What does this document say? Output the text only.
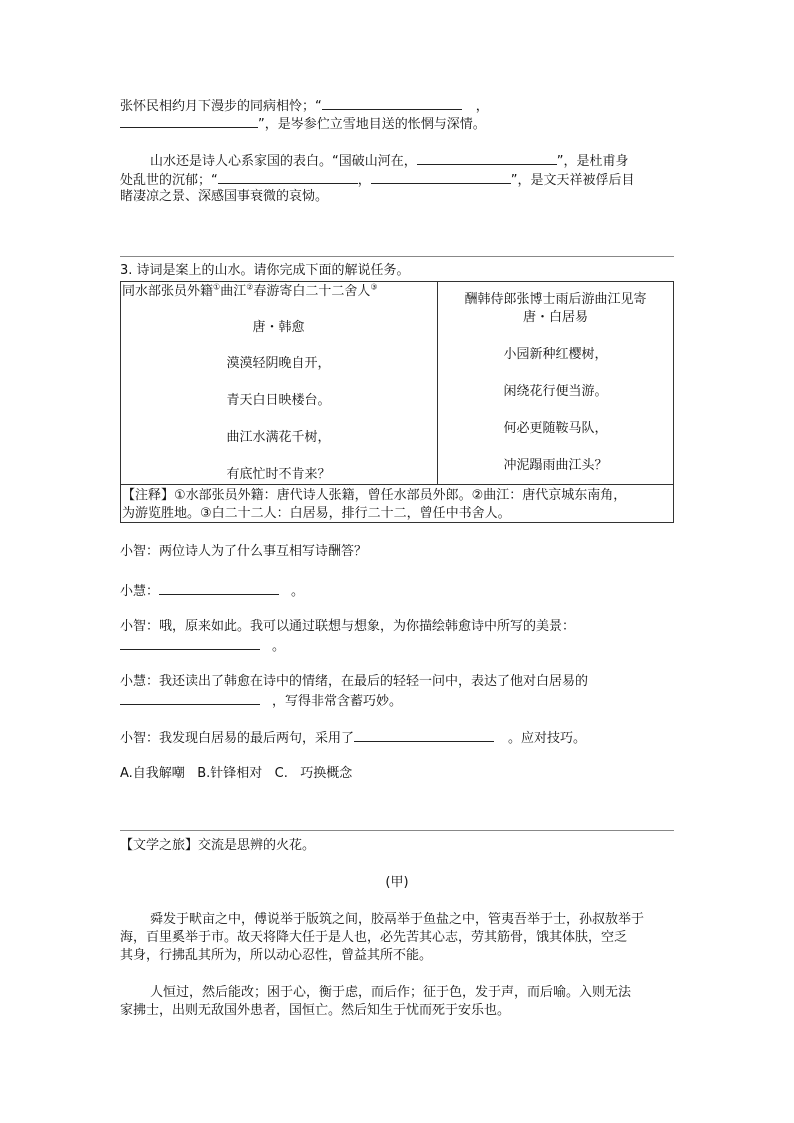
张怀民相约月下漫步的同病相怜；“	，
”，是岑参伫立雪地目送的怅惘与深情。
山水还是诗人心系家国的表白。“国破山河在，	”，是杜甫身
处乱世的沉郁；“	，	”，是文天祥被俘后目
睹凄凉之景、深感国事衰微的哀恸。
3. 诗词是案上的山水。请你完成下面的解说任务。
同水部张员外籍①曲江②春游寄白二十二舍人③
唐・韩愈
漠漠轻阴晚自开，
青天白日映楼台。
曲江水满花千树，
有底忙时不肯来？
酬韩侍郎张博士雨后游曲江见寄
唐・白居易
小园新种红樱树，
闲绕花行便当游。
何必更随鞍马队，
冲泥蹋雨曲江头？
【注释】①水部张员外籍：唐代诗人张籍，曾任水部员外郎。②曲江：唐代京城东南角，
为游览胜地。③白二十二人：白居易，排行二十二，曾任中书舍人。
小智：两位诗人为了什么事互相写诗酬答？
小慧：	。
小智：哦，原来如此。我可以通过联想与想象，为你描绘韩愈诗中所写的美景：
。
小慧：我还读出了韩愈在诗中的情绪，在最后的轻轻一问中，表达了他对白居易的
，写得非常含蓄巧妙。
小智：我发现白居易的最后两句，采用了	。应对技巧。
A.自我解嘲   B.针锋相对   C.   巧换概念
【文学之旅】交流是思辨的火花。
(甲)
舜发于畎亩之中，傅说举于版筑之间，胶鬲举于鱼盐之中，管夷吾举于士，孙叔敖举于
海，百里奚举于市。故天将降大任于是人也，必先苦其心志，劳其筋骨，饿其体肤，空乏
其身，行拂乱其所为，所以动心忍性，曾益其所不能。
人恒过，然后能改；困于心，衡于虑，而后作；征于色，发于声，而后喻。入则无法
家拂士，出则无敌国外患者，国恒亡。然后知生于忧而死于安乐也。
